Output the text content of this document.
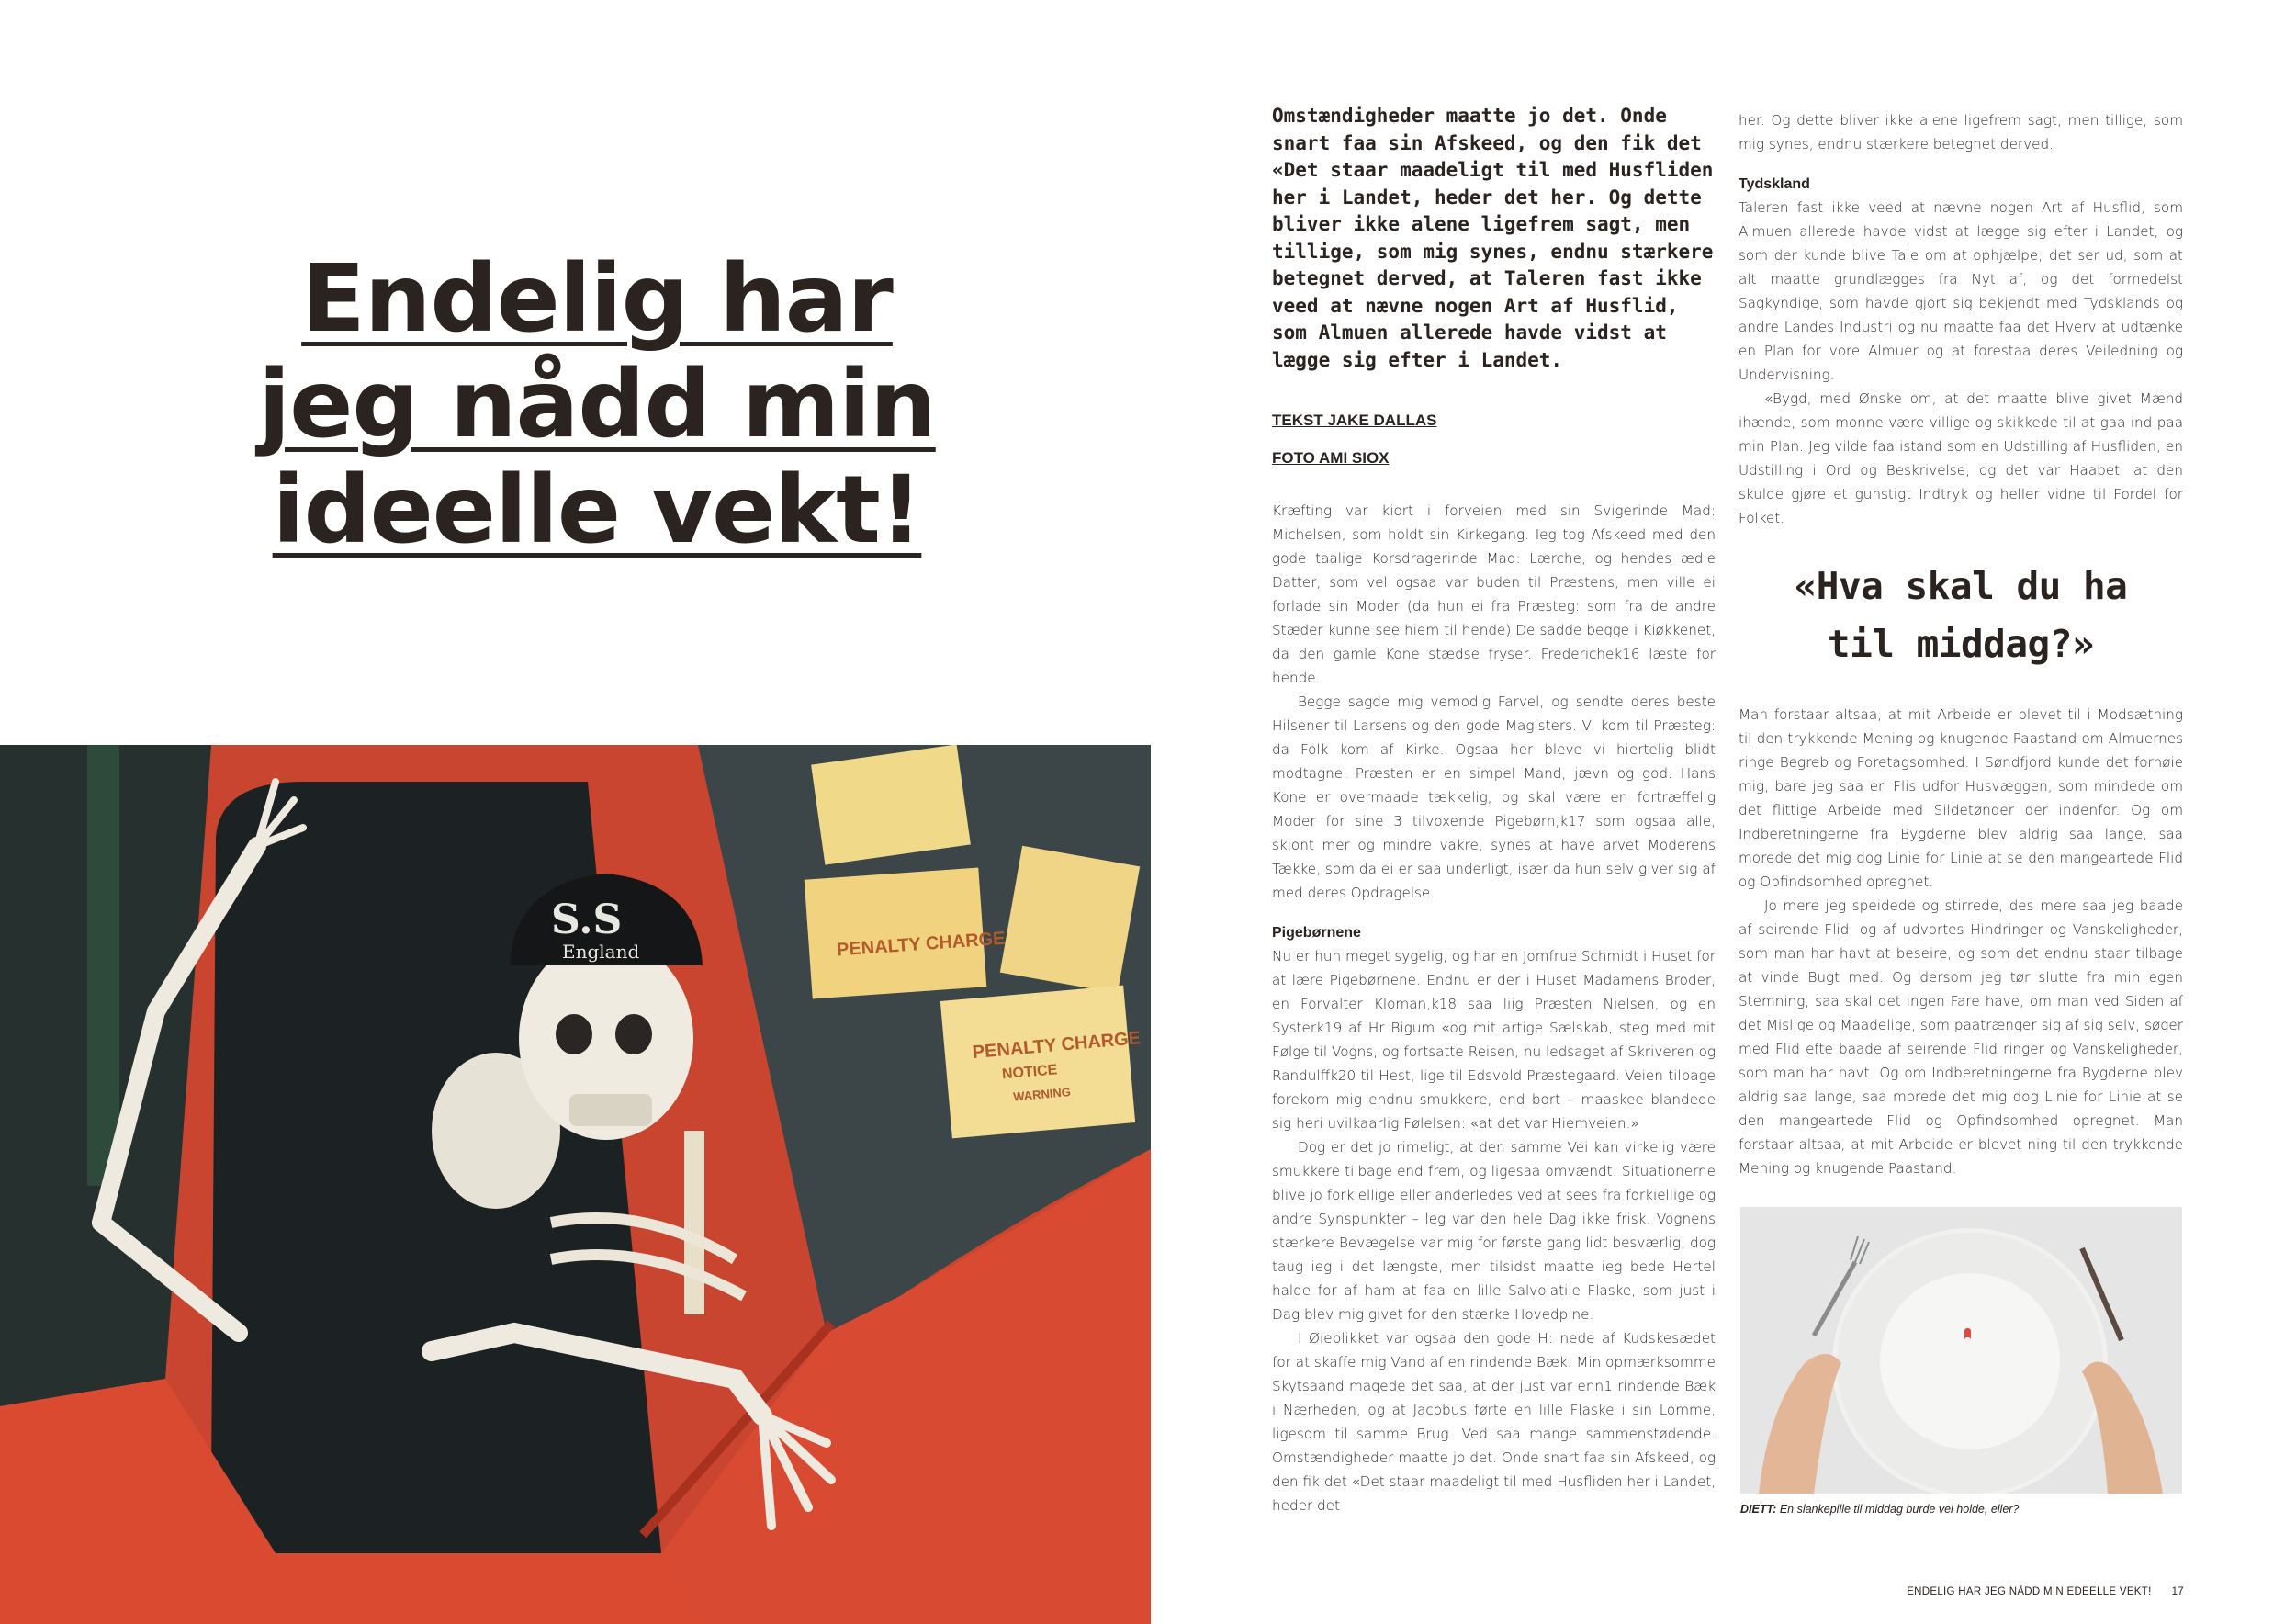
Endelig har
jeg nådd min
ideelle vekt!
PENALTY CHARGE
PENALTY CHARGE
NOTICE
WARNING
S.S
England

Omstændigheder maatte jo det. Onde snart faa sin Afskeed, og den fik det «Det staar maadeligt til med Husfliden her i Landet, heder det her. Og dette bliver ikke alene ligefrem sagt, men tillige, som mig synes, endnu stærkere betegnet derved, at Taleren fast ikke veed at nævne nogen Art af Husflid, som Almuen allerede havde vidst at lægge sig efter i Landet.

TEKST JAKE DALLAS

FOTO AMI SIOX

Kræfting var kiort i forveien med sin Svigerinde Mad: Michelsen, som holdt sin Kirkegang. Ieg tog Afskeed med den gode taalige Korsdragerinde Mad: Lærche, og hendes ædle Datter, som vel ogsaa var buden til Præstens, men ville ei forlade sin Moder (da hun ei fra Præsteg: som fra de andre Stæder kunne see hiem til hende) De sadde begge i Kiøkkenet, da den gamle Kone stædse fryser. Frederichek16 læste for hende.

Begge sagde mig vemodig Farvel, og sendte deres beste Hilsener til Larsens og den gode Magisters. Vi kom til Præsteg: da Folk kom af Kirke. Ogsaa her bleve vi hiertelig blidt modtagne. Præsten er en simpel Mand, jævn og god. Hans Kone er overmaade tækkelig, og skal være en fortræffelig Moder for sine 3 tilvoxende Pigebørn,k17 som ogsaa alle, skiont mer og mindre vakre, synes at have arvet Moderens Tække, som da ei er saa underligt, især da hun selv giver sig af med deres Opdragelse.

Pigebørnene

Nu er hun meget sygelig, og har en Jomfrue Schmidt i Huset for at lære Pigebørnene. Endnu er der i Huset Madamens Broder, en Forvalter Kloman,k18 saa liig Præsten Nielsen, og en Systerk19 af Hr Bigum «og mit artige Sælskab, steg med mit Følge til Vogns, og fortsatte Reisen, nu ledsaget af Skriveren og Randulffk20 til Hest, lige til Edsvold Præstegaard. Veien tilbage forekom mig endnu smukkere, end bort – maaskee blandede sig heri uvilkaarlig Følelsen: «at det var Hiemveien.»

Dog er det jo rimeligt, at den samme Vei kan virkelig være smukkere tilbage end frem, og ligesaa omvændt: Situationerne blive jo forkiellige eller anderledes ved at sees fra forkiellige og andre Synspunkter – leg var den hele Dag ikke frisk. Vognens stærkere Bevægelse var mig for første gang lidt besværlig, dog taug ieg i det længste, men tilsidst maatte ieg bede Hertel halde for af ham at faa en lille Salvolatile Flaske, som just i Dag blev mig givet for den stærke Hovedpine.

I Øieblikket var ogsaa den gode H: nede af Kudskesædet for at skaffe mig Vand af en rindende Bæk. Min opmærksomme Skytsaand magede det saa, at der just var enn1 rindende Bæk i Nærheden, og at Jacobus førte en lille Flaske i sin Lomme, ligesom til samme Brug. Ved saa mange sammenstødende. Omstændigheder maatte jo det. Onde snart faa sin Afskeed, og den fik det «Det staar maadeligt til med Husfliden her i Landet, heder det

her. Og dette bliver ikke alene ligefrem sagt, men tillige, som mig synes, endnu stærkere betegnet derved.

Tydskland

Taleren fast ikke veed at nævne nogen Art af Husflid, som Almuen allerede havde vidst at lægge sig efter i Landet, og som der kunde blive Tale om at ophjælpe; det ser ud, som at alt maatte grundlægges fra Nyt af, og det formedelst Sagkyndige, som havde gjort sig bekjendt med Tydsklands og andre Landes Industri og nu maatte faa det Hverv at udtænke en Plan for vore Almuer og at forestaa deres Veiledning og Undervisning.

«Bygd, med Ønske om, at det maatte blive givet Mænd ihænde, som monne være villige og skikkede til at gaa ind paa min Plan. Jeg vilde faa istand som en Udstilling af Husfliden, en Udstilling i Ord og Beskrivelse, og det var Haabet, at den skulde gjøre et gunstigt Indtryk og heller vidne til Fordel for Folket.

«Hva skal du ha
til middag?»

Man forstaar altsaa, at mit Arbeide er blevet til i Modsætning til den trykkende Mening og knugende Paastand om Almuernes ringe Begreb og Foretagsomhed. I Søndfjord kunde det fornøie mig, bare jeg saa en Flis udfor Husvæggen, som mindede om det flittige Arbeide med Sildetønder der indenfor. Og om Indberetningerne fra Bygderne blev aldrig saa lange, saa morede det mig dog Linie for Linie at se den mangeartede Flid og Opfindsomhed opregnet.

Jo mere jeg speidede og stirrede, des mere saa jeg baade af seirende Flid, og af udvortes Hindringer og Vanskeligheder, som man har havt at beseire, og som det endnu staar tilbage at vinde Bugt med. Og dersom jeg tør slutte fra min egen Stemning, saa skal det ingen Fare have, om man ved Siden af det Mislige og Maadelige, som paatrænger sig af sig selv, søger med Flid efte baade af seirende Flid ringer og Vanskeligheder, som man har havt. Og om Indberetningerne fra Bygderne blev aldrig saa lange, saa morede det mig dog Linie for Linie at se den mangeartede Flid og Opfindsomhed opregnet. Man forstaar altsaa, at mit Arbeide er blevet ning til den trykkende Mening og knugende Paastand.

DIETT: En slankepille til middag burde vel holde, eller?

ENDELIG HAR JEG NÅDD MIN EDEELLE VEKT! 17
